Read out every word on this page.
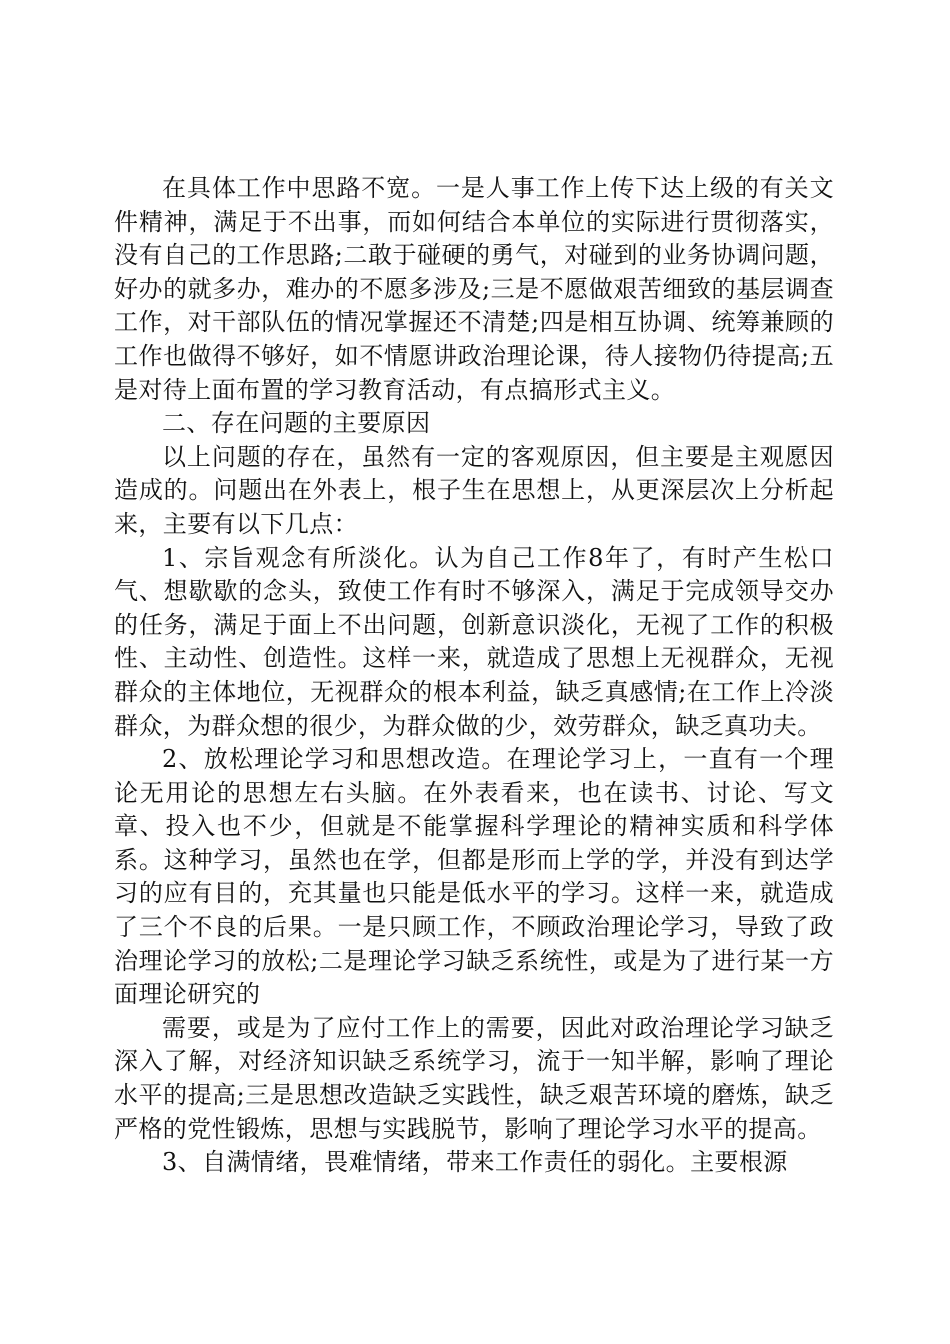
在具体工作中思路不宽。一是人事工作上传下达上级的有关文件精神，满足于不出事，而如何结合本单位的实际进行贯彻落实，没有自己的工作思路;二敢于碰硬的勇气，对碰到的业务协调问题，好办的就多办，难办的不愿多涉及;三是不愿做艰苦细致的基层调查工作，对干部队伍的情况掌握还不清楚;四是相互协调、统筹兼顾的工作也做得不够好，如不情愿讲政治理论课，待人接物仍待提高;五是对待上面布置的学习教育活动，有点搞形式主义。

二、存在问题的主要原因

以上问题的存在，虽然有一定的客观原因，但主要是主观愿因造成的。问题出在外表上，根子生在思想上，从更深层次上分析起来，主要有以下几点：

1、宗旨观念有所淡化。认为自己工作8年了，有时产生松口气、想歇歇的念头，致使工作有时不够深入，满足于完成领导交办的任务，满足于面上不出问题，创新意识淡化，无视了工作的积极性、主动性、创造性。这样一来，就造成了思想上无视群众，无视群众的主体地位，无视群众的根本利益，缺乏真感情;在工作上冷淡群众，为群众想的很少，为群众做的少，效劳群众，缺乏真功夫。

2、放松理论学习和思想改造。在理论学习上，一直有一个理论无用论的思想左右头脑。在外表看来，也在读书、讨论、写文章、投入也不少，但就是不能掌握科学理论的精神实质和科学体系。这种学习，虽然也在学，但都是形而上学的学，并没有到达学习的应有目的，充其量也只能是低水平的学习。这样一来，就造成了三个不良的后果。一是只顾工作，不顾政治理论学习，导致了政治理论学习的放松;二是理论学习缺乏系统性，或是为了进行某一方面理论研究的

需要，或是为了应付工作上的需要，因此对政治理论学习缺乏深入了解，对经济知识缺乏系统学习，流于一知半解，影响了理论水平的提高;三是思想改造缺乏实践性，缺乏艰苦环境的磨炼，缺乏严格的党性锻炼，思想与实践脱节，影响了理论学习水平的提高。

3、自满情绪，畏难情绪，带来工作责任的弱化。主要根源
